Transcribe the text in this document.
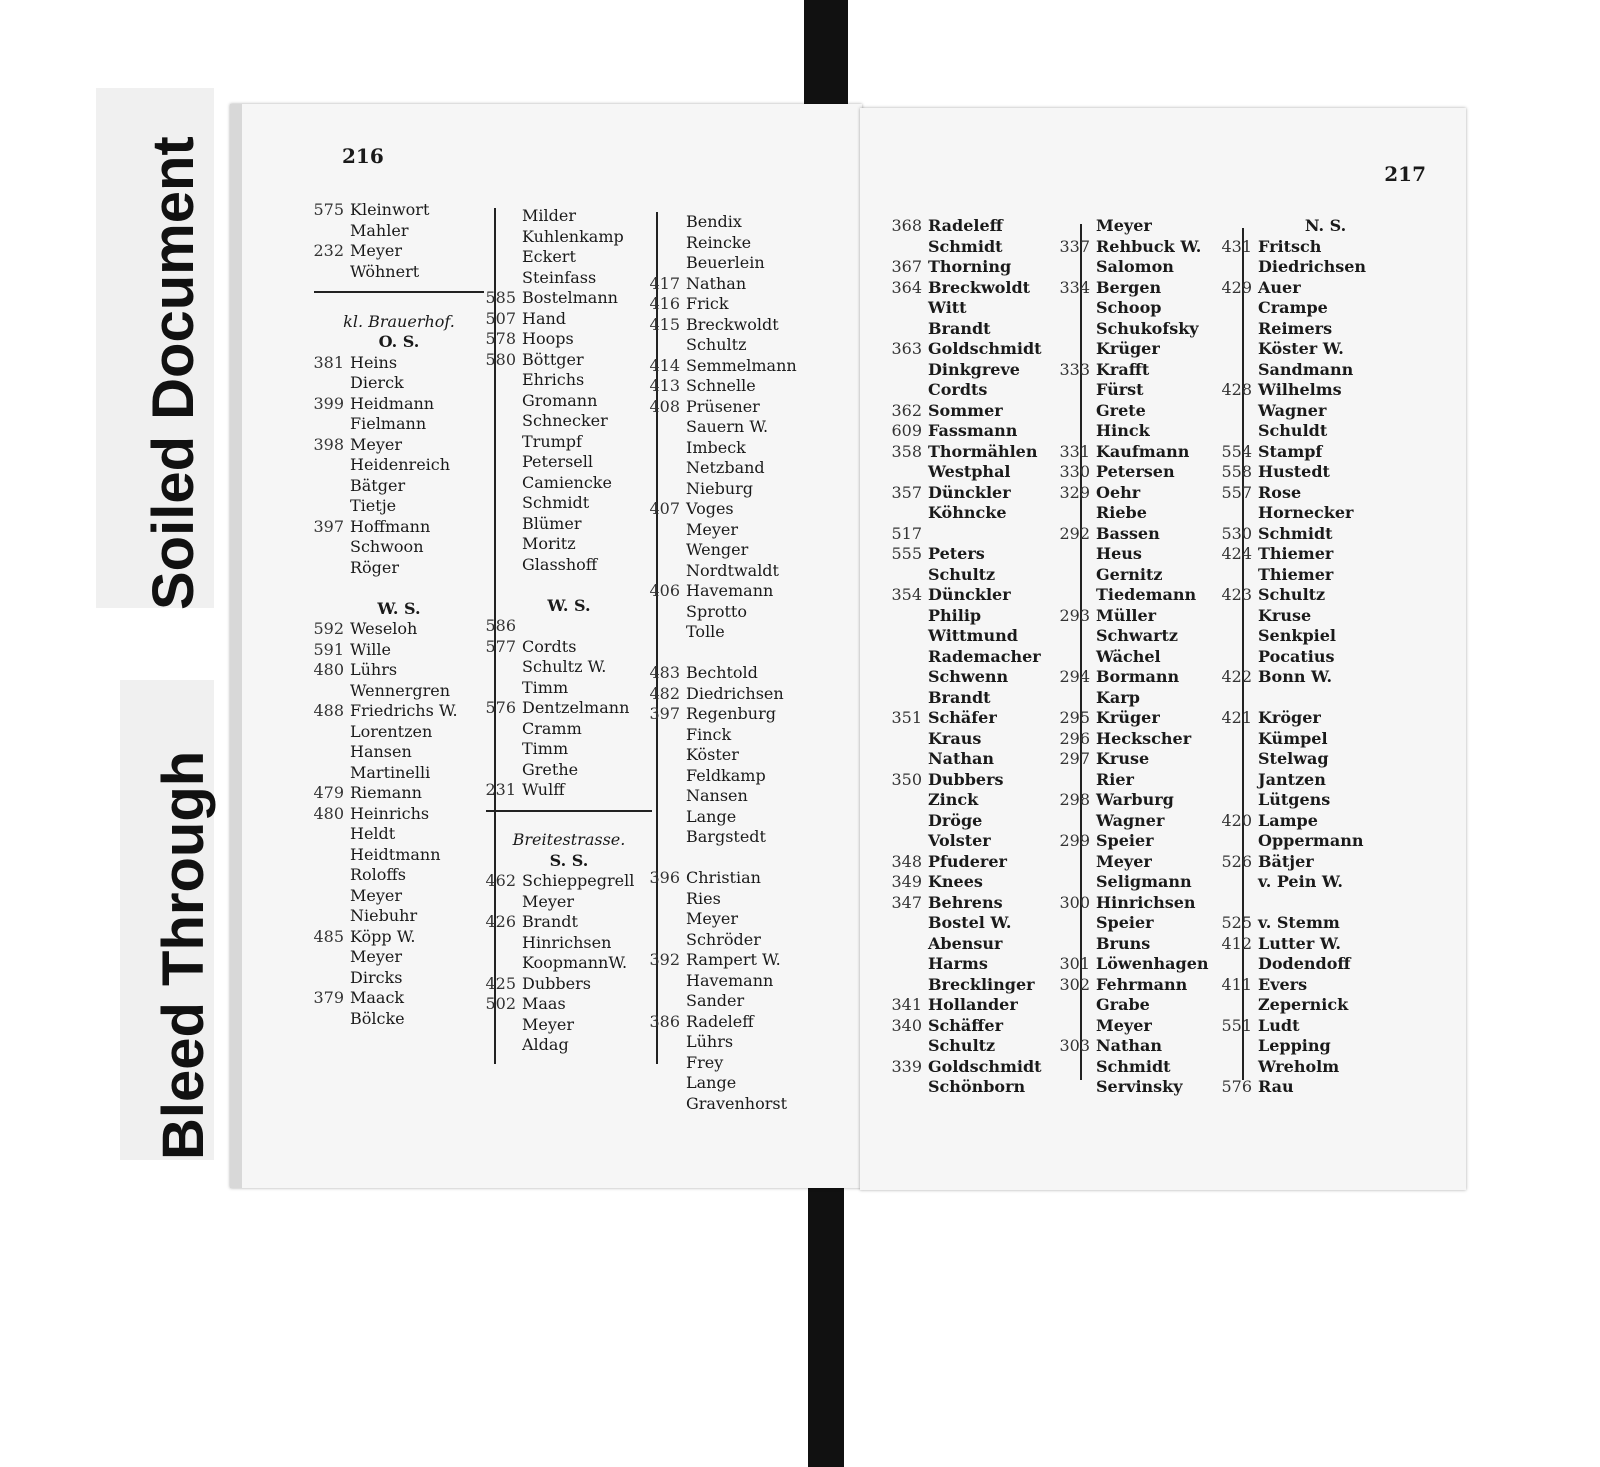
Soiled Document
Bleed Through
216
575 Kleinwort
Mahler
232 Meyer
Wöhnert
kl. Brauerhof.
O. S.
381 Heins
Dierck
399 Heidmann
Fielmann
398 Meyer
Heidenreich
Bätger
Tietje
397 Hoffmann
Schwoon
Röger
W. S.
592 Weseloh
591 Wille
480 Lührs
Wennergren
488 Friedrichs W.
Lorentzen
Hansen
Martinelli
479 Riemann
480 Heinrichs
Heldt
Heidtmann
Roloffs
Meyer
Niebuhr
485 Köpp W.
Meyer
Dircks
379 Maack
Bölcke
Milder
Kuhlenkamp
Eckert
Steinfass
585 Bostelmann
507 Hand
578 Hoops
580 Böttger
Ehrichs
Gromann
Schnecker
Trumpf
Petersell
Camiencke
Schmidt
Blümer
Moritz
Glasshoff
W. S.
586
577 Cordts
Schultz W.
Timm
576 Dentzelmann
Cramm
Timm
Grethe
231 Wulff
Breitestrasse.
S. S.
462 Schieppegrell
Meyer
426 Brandt
Hinrichsen
KoopmannW.
425 Dubbers
502 Maas
Meyer
Aldag
Bendix
Reincke
Beuerlein
417 Nathan
416 Frick
415 Breckwoldt
Schultz
414 Semmelmann
413 Schnelle
408 Prüsener
Sauern W.
Imbeck
Netzband
Nieburg
407 Voges
Meyer
Wenger
Nordtwaldt
406 Havemann
Sprotto
Tolle
483 Bechtold
482 Diedrichsen
397 Regenburg
Finck
Köster
Feldkamp
Nansen
Lange
Bargstedt
396 Christian
Ries
Meyer
Schröder
392 Rampert W.
Havemann
Sander
386 Radeleff
Lührs
Frey
Lange
Gravenhorst
217
368 Radeleff
Schmidt
367 Thorning
364 Breckwoldt
Witt
Brandt
363 Goldschmidt
Dinkgreve
Cordts
362 Sommer
609 Fassmann
358 Thormählen
Westphal
357 Dünckler
Köhncke
517
555 Peters
Schultz
354 Dünckler
Philip
Wittmund
Rademacher
Schwenn
Brandt
351 Schäfer
Kraus
Nathan
350 Dubbers
Zinck
Dröge
Volster
348 Pfuderer
349 Knees
347 Behrens
Bostel W.
Abensur
Harms
Brecklinger
341 Hollander
340 Schäffer
Schultz
339 Goldschmidt
Schönborn
Meyer
337 Rehbuck W.
Salomon
334 Bergen
Schoop
Schukofsky
Krüger
333 Krafft
Fürst
Grete
Hinck
331 Kaufmann
330 Petersen
329 Oehr
Riebe
292 Bassen
Heus
Gernitz
Tiedemann
293 Müller
Schwartz
Wächel
294 Bormann
Karp
295 Krüger
296 Heckscher
297 Kruse
Rier
298 Warburg
Wagner
299 Speier
Meyer
Seligmann
300 Hinrichsen
Speier
Bruns
301 Löwenhagen
302 Fehrmann
Grabe
Meyer
303 Nathan
Schmidt
Servinsky
N. S.
431 Fritsch
Diedrichsen
429 Auer
Crampe
Reimers
Köster W.
Sandmann
428 Wilhelms
Wagner
Schuldt
554 Stampf
558 Hustedt
557 Rose
Hornecker
530 Schmidt
424 Thiemer
Thiemer
423 Schultz
Kruse
Senkpiel
Pocatius
422 Bonn W.
421 Kröger
Kümpel
Stelwag
Jantzen
Lütgens
420 Lampe
Oppermann
526 Bätjer
v. Pein W.
525 v. Stemm
412 Lutter W.
Dodendoff
411 Evers
Zepernick
551 Ludt
Lepping
Wreholm
576 Rau
